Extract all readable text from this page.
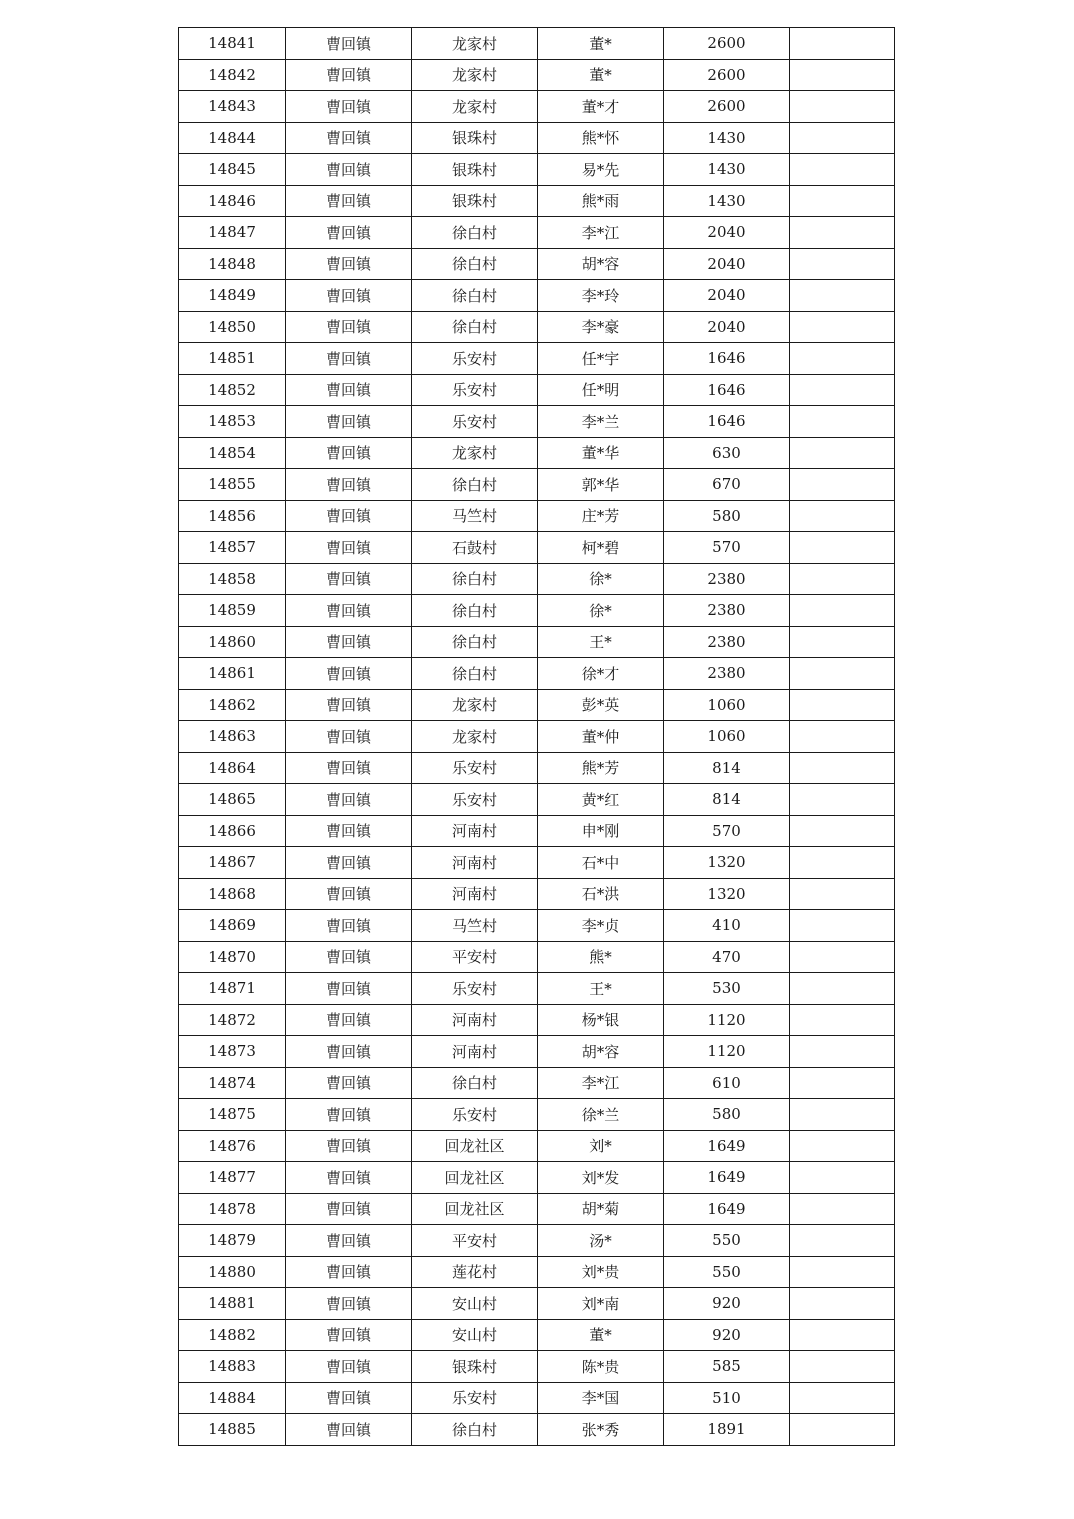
14841	曹回镇	龙家村	董*	2600	
14842	曹回镇	龙家村	董*	2600	
14843	曹回镇	龙家村	董*才	2600	
14844	曹回镇	银珠村	熊*怀	1430	
14845	曹回镇	银珠村	易*先	1430	
14846	曹回镇	银珠村	熊*雨	1430	
14847	曹回镇	徐白村	李*江	2040	
14848	曹回镇	徐白村	胡*容	2040	
14849	曹回镇	徐白村	李*玲	2040	
14850	曹回镇	徐白村	李*豪	2040	
14851	曹回镇	乐安村	任*宇	1646	
14852	曹回镇	乐安村	任*明	1646	
14853	曹回镇	乐安村	李*兰	1646	
14854	曹回镇	龙家村	董*华	630	
14855	曹回镇	徐白村	郭*华	670	
14856	曹回镇	马竺村	庄*芳	580	
14857	曹回镇	石鼓村	柯*碧	570	
14858	曹回镇	徐白村	徐*	2380	
14859	曹回镇	徐白村	徐*	2380	
14860	曹回镇	徐白村	王*	2380	
14861	曹回镇	徐白村	徐*才	2380	
14862	曹回镇	龙家村	彭*英	1060	
14863	曹回镇	龙家村	董*仲	1060	
14864	曹回镇	乐安村	熊*芳	814	
14865	曹回镇	乐安村	黄*红	814	
14866	曹回镇	河南村	申*刚	570	
14867	曹回镇	河南村	石*中	1320	
14868	曹回镇	河南村	石*洪	1320	
14869	曹回镇	马竺村	李*贞	410	
14870	曹回镇	平安村	熊*	470	
14871	曹回镇	乐安村	王*	530	
14872	曹回镇	河南村	杨*银	1120	
14873	曹回镇	河南村	胡*容	1120	
14874	曹回镇	徐白村	李*江	610	
14875	曹回镇	乐安村	徐*兰	580	
14876	曹回镇	回龙社区	刘*	1649	
14877	曹回镇	回龙社区	刘*发	1649	
14878	曹回镇	回龙社区	胡*菊	1649	
14879	曹回镇	平安村	汤*	550	
14880	曹回镇	莲花村	刘*贵	550	
14881	曹回镇	安山村	刘*南	920	
14882	曹回镇	安山村	董*	920	
14883	曹回镇	银珠村	陈*贵	585	
14884	曹回镇	乐安村	李*国	510	
14885	曹回镇	徐白村	张*秀	1891	
